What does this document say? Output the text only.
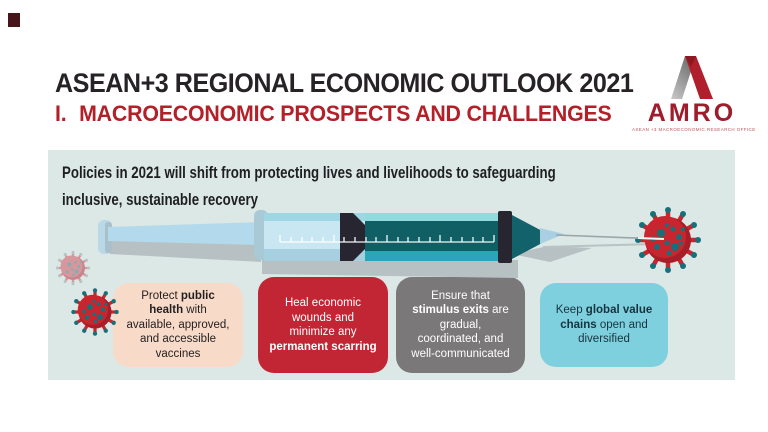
ASEAN+3 REGIONAL ECONOMIC OUTLOOK 2021
I. MACROECONOMIC PROSPECTS AND CHALLENGES	AMRO
ASEAN +3 MACROECONOMIC RESEARCH OFFICE
Policies in 2021 will shift from protecting lives and livelihoods to safeguarding
inclusive, sustainable recovery

Protect public health with available, approved, and accessible vaccines

Heal economic wounds and minimize any permanent scarring

Ensure that stimulus exits are gradual, coordinated, and well-communicated

Keep global value chains open and diversified
